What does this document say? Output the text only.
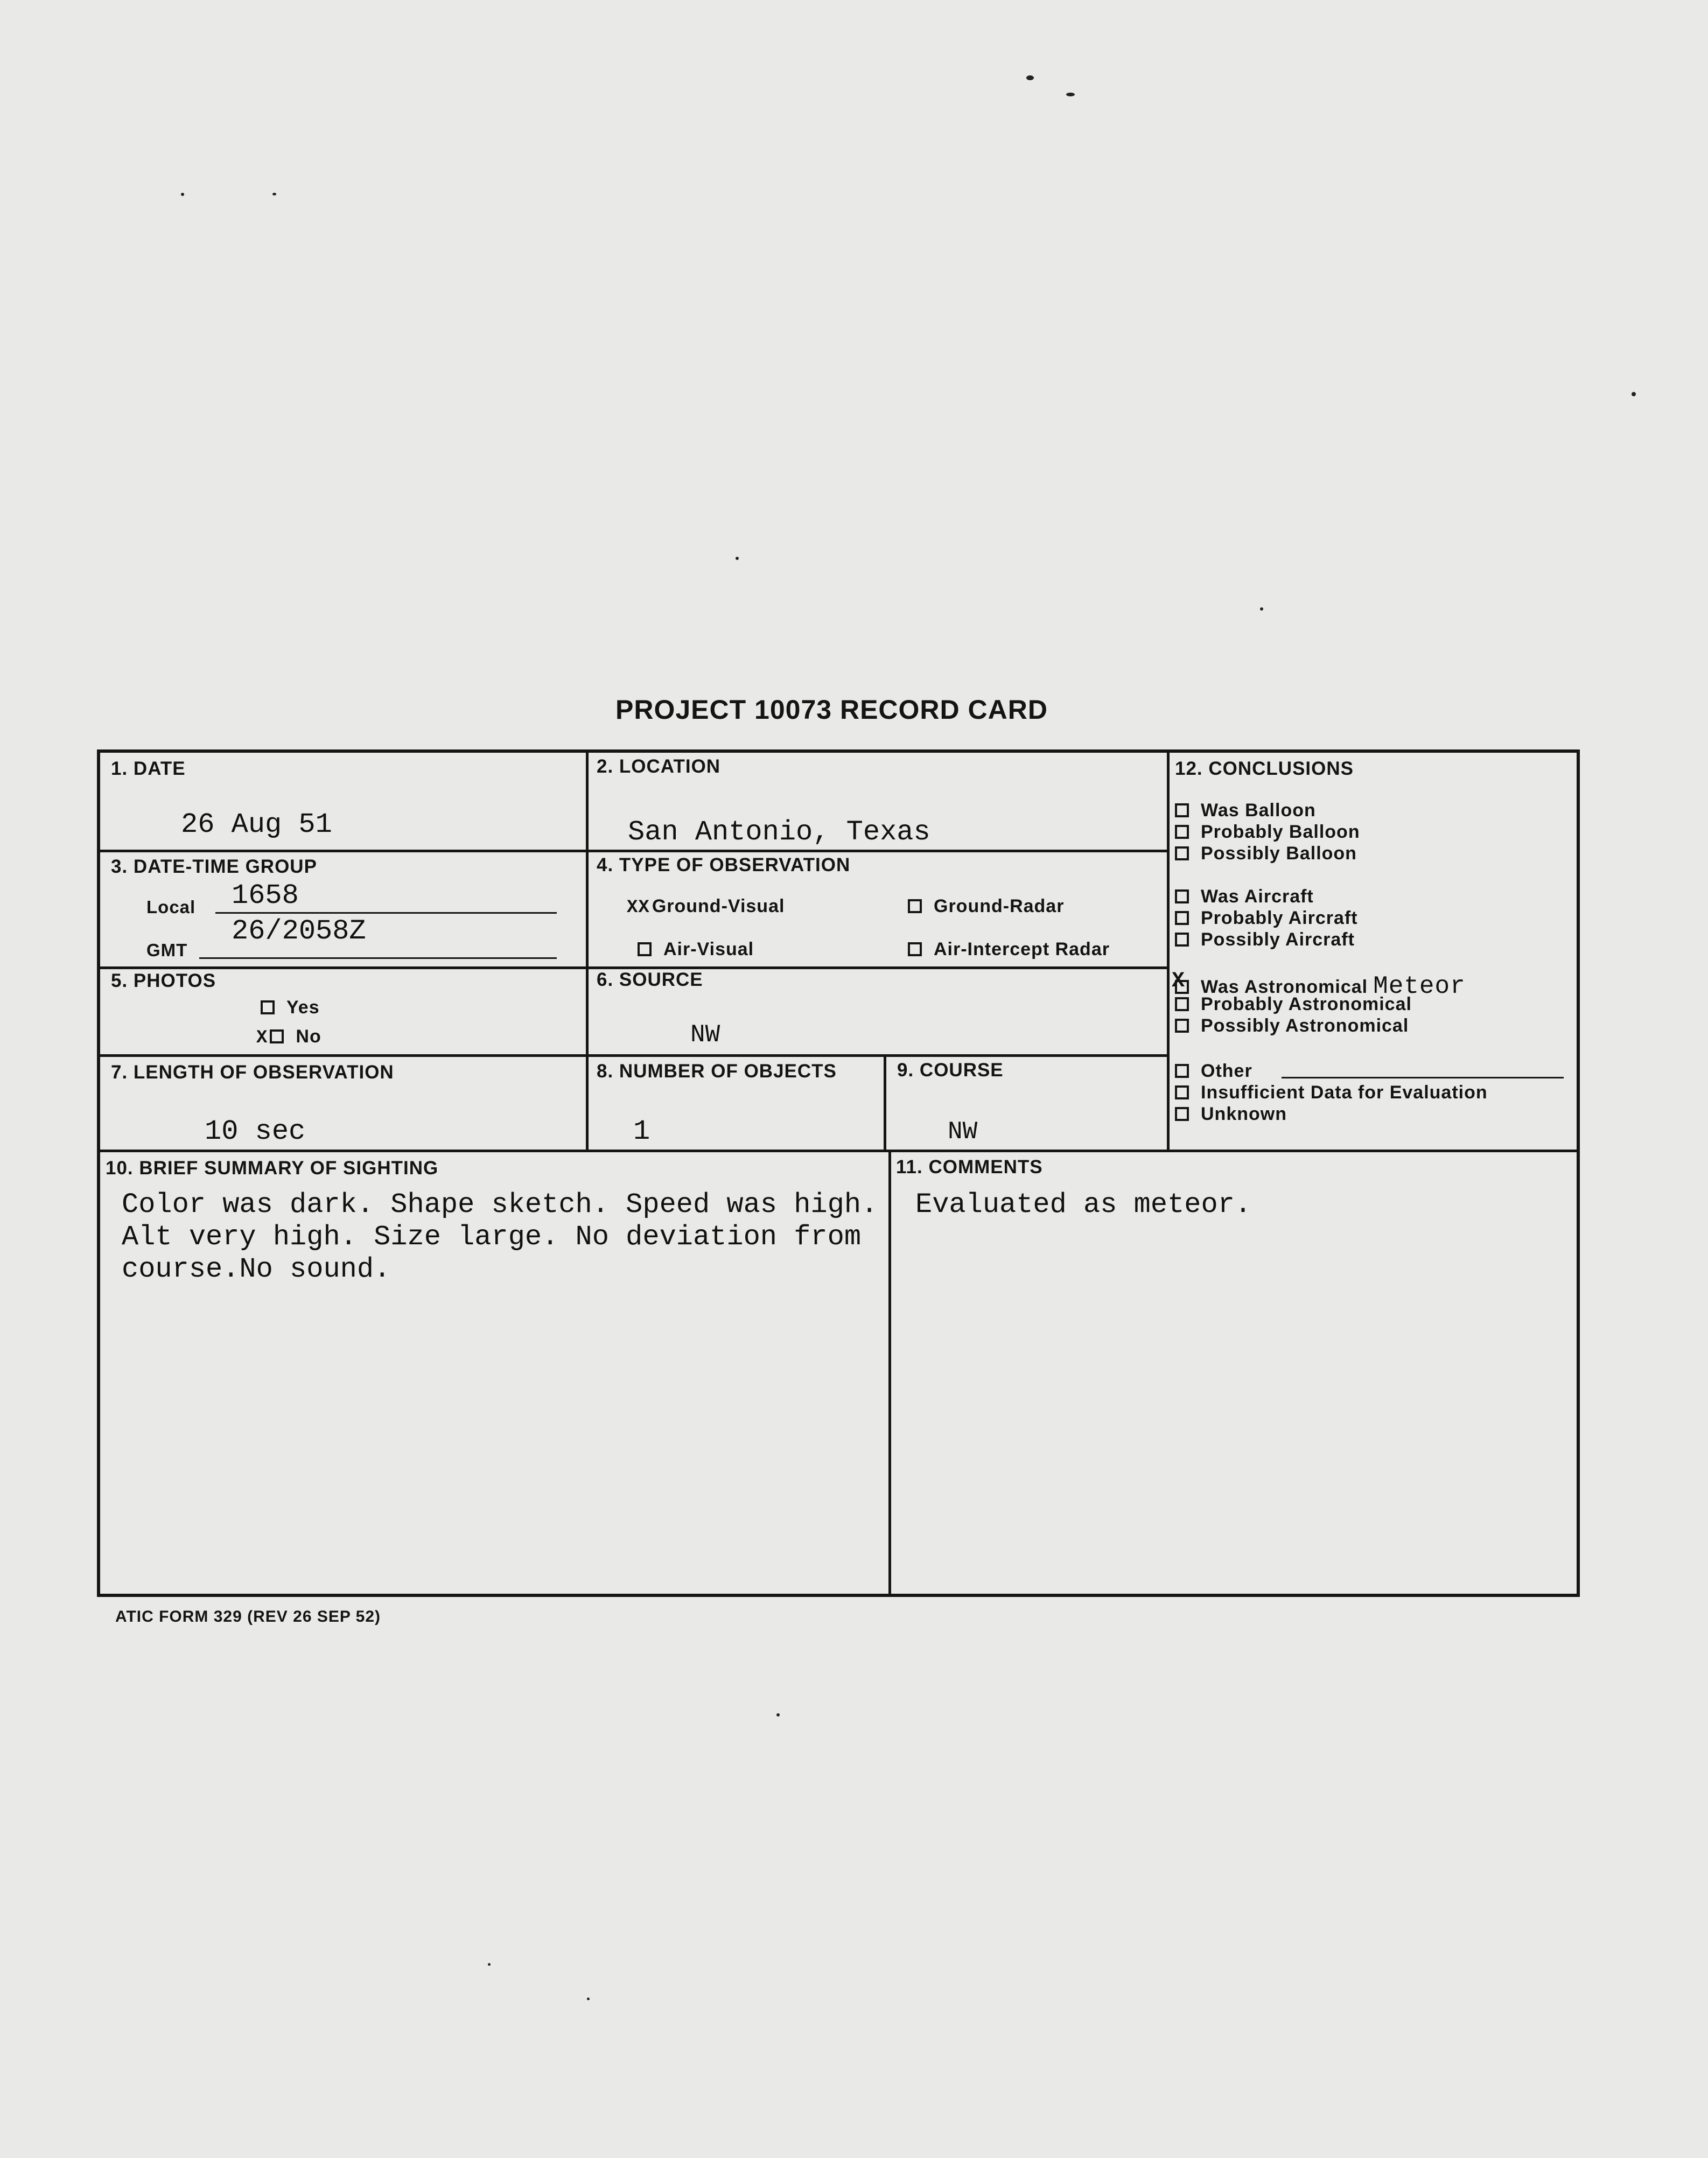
PROJECT 10073 RECORD CARD
1. DATE
26 Aug 51
2. LOCATION
San Antonio, Texas
3. DATE-TIME GROUP
Local 1658
GMT
26/2058Z
4. TYPE OF OBSERVATION
XX Ground-Visual	Ground-Radar
Air-Visual	Air-Intercept Radar
5. PHOTOS
Yes
X No
6. SOURCE
NW
7. LENGTH OF OBSERVATION
10 sec
8. NUMBER OF OBJECTS
1
9. COURSE
NW
12. CONCLUSIONS
Was Balloon
Probably Balloon
Possibly Balloon
Was Aircraft
Probably Aircraft
Possibly Aircraft
X Was Astronomical Meteor
Probably Astronomical
Possibly Astronomical
Other
Insufficient Data for Evaluation
Unknown
10. BRIEF SUMMARY OF SIGHTING
Color was dark. Shape sketch. Speed was high.
Alt very high. Size large. No deviation from
course.No sound.
11. COMMENTS
Evaluated as meteor.
ATIC FORM 329 (REV 26 SEP 52)
